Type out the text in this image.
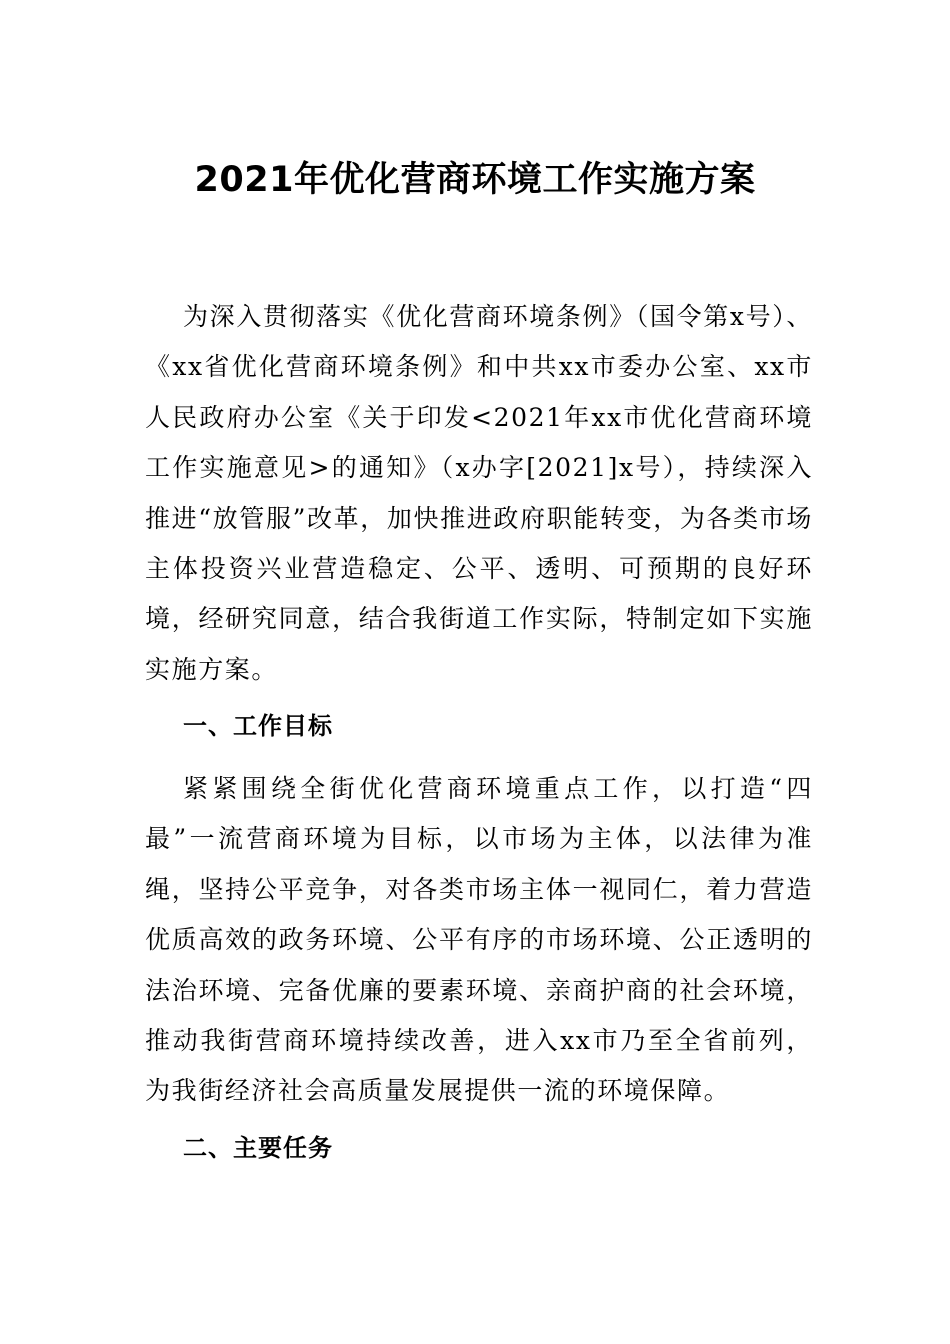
2021年优化营商环境工作实施方案

为深入贯彻落实《优化营商环境条例》（国令第x号）、《xx省优化营商环境条例》和中共xx市委办公室、xx市人民政府办公室《关于印发<2021年xx市优化营商环境工作实施意见>的通知》（x办字[2021]x号），持续深入推进“放管服”改革，加快推进政府职能转变，为各类市场主体投资兴业营造稳定、公平、透明、可预期的良好环境，经研究同意，结合我街道工作实际，特制定如下实施实施方案。

一、工作目标

紧紧围绕全街优化营商环境重点工作，以打造“四最”一流营商环境为目标，以市场为主体，以法律为准绳，坚持公平竞争，对各类市场主体一视同仁，着力营造优质高效的政务环境、公平有序的市场环境、公正透明的法治环境、完备优廉的要素环境、亲商护商的社会环境，推动我街营商环境持续改善，进入xx市乃至全省前列，为我街经济社会高质量发展提供一流的环境保障。

二、主要任务
